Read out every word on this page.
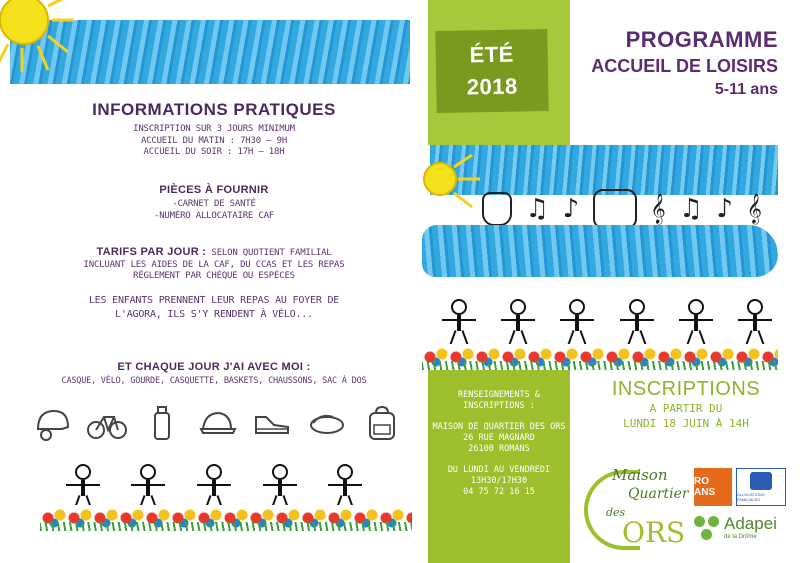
INFORMATIONS PRATIQUES
INSCRIPTION SUR 3 JOURS MINIMUM
ACCUEIL DU MATIN : 7H30 – 9H
ACCUEIL DU SOIR : 17H – 18H
PIÈCES À FOURNIR
-CARNET DE SANTÉ
-NUMÉRO ALLOCATAIRE CAF
TARIFS PAR JOUR : SELON QUOTIENT FAMILIAL
INCLUANT LES AIDES DE LA CAF, DU CCAS ET LES REPAS
RÈGLEMENT PAR CHÈQUE OU ESPÈCES
LES ENFANTS PRENNENT LEUR REPAS AU FOYER DE
L'AGORA, ILS S'Y RENDENT À VÉLO...
ET CHAQUE JOUR J'AI AVEC MOI :
CASQUE, VÉLO, GOURDE, CASQUETTE, BASKETS, CHAUSSONS, SAC À DOS
ÉTÉ
2018
RENSEIGNEMENTS &
INSCRIPTIONS :
MAISON DE QUARTIER DES ORS
26 RUE MAGNARD
26100 ROMANS
DU LUNDI AU VENDREDI
13H30/17H30
04 75 72 16 15
PROGRAMME
ACCUEIL DE LOISIRS
5-11 ans
♫ ♪	𝄞 ♫ ♪ 𝄞
INSCRIPTIONS
A PARTIR DU
LUNDI 18 JUIN À 14H
Maison
Quartier
des
ORS
RO ANS	ALLOCATIONS FAMILIALES
Adapei
de la Drôme
